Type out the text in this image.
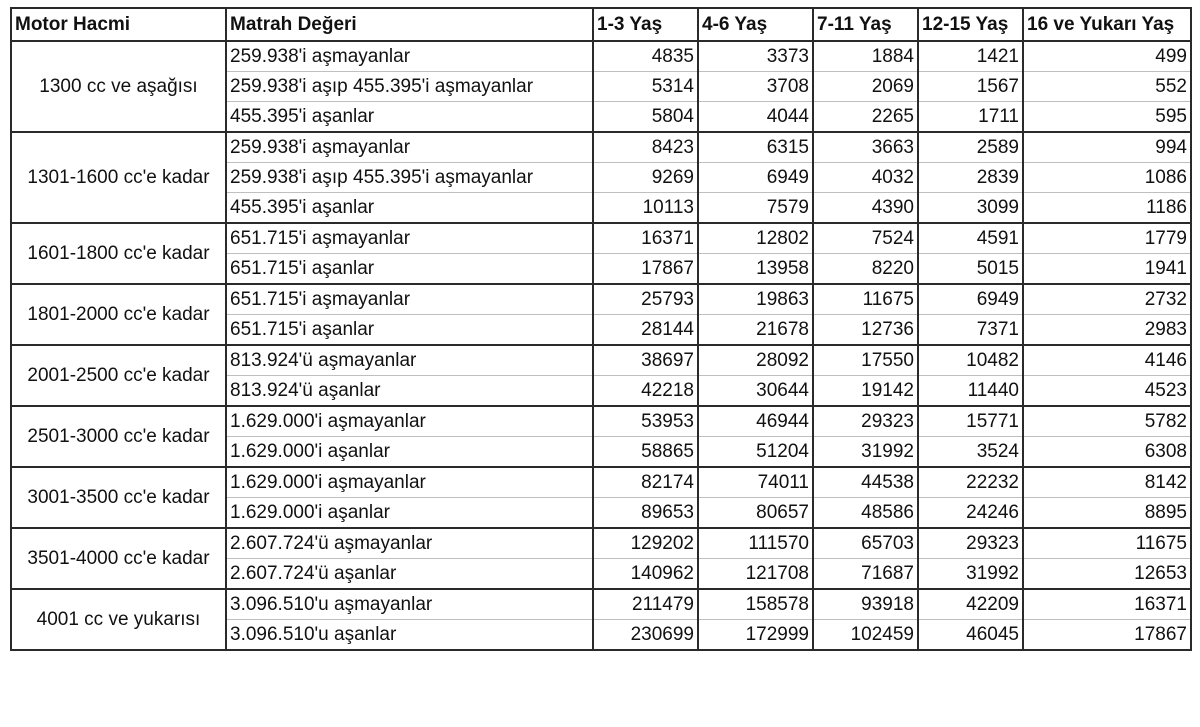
Motor Hacmi	Matrah Değeri	1-3 Yaş	4-6 Yaş	7-11 Yaş	12-15 Yaş	16 ve Yukarı Yaş
1300 cc ve aşağısı	259.938'i aşmayanlar	4835	3373	1884	1421	499
	259.938'i aşıp 455.395'i aşmayanlar	5314	3708	2069	1567	552
	455.395'i aşanlar	5804	4044	2265	1711	595
1301-1600 cc'e kadar	259.938'i aşmayanlar	8423	6315	3663	2589	994
	259.938'i aşıp 455.395'i aşmayanlar	9269	6949	4032	2839	1086
	455.395'i aşanlar	10113	7579	4390	3099	1186
1601-1800 cc'e kadar	651.715'i aşmayanlar	16371	12802	7524	4591	1779
	651.715'i aşanlar	17867	13958	8220	5015	1941
1801-2000 cc'e kadar	651.715'i aşmayanlar	25793	19863	11675	6949	2732
	651.715'i aşanlar	28144	21678	12736	7371	2983
2001-2500 cc'e kadar	813.924'ü aşmayanlar	38697	28092	17550	10482	4146
	813.924'ü aşanlar	42218	30644	19142	11440	4523
2501-3000 cc'e kadar	1.629.000'i aşmayanlar	53953	46944	29323	15771	5782
	1.629.000'i aşanlar	58865	51204	31992	3524	6308
3001-3500 cc'e kadar	1.629.000'i aşmayanlar	82174	74011	44538	22232	8142
	1.629.000'i aşanlar	89653	80657	48586	24246	8895
3501-4000 cc'e kadar	2.607.724'ü aşmayanlar	129202	111570	65703	29323	11675
	2.607.724'ü aşanlar	140962	121708	71687	31992	12653
4001 cc ve yukarısı	3.096.510'u aşmayanlar	211479	158578	93918	42209	16371
	3.096.510'u aşanlar	230699	172999	102459	46045	17867
